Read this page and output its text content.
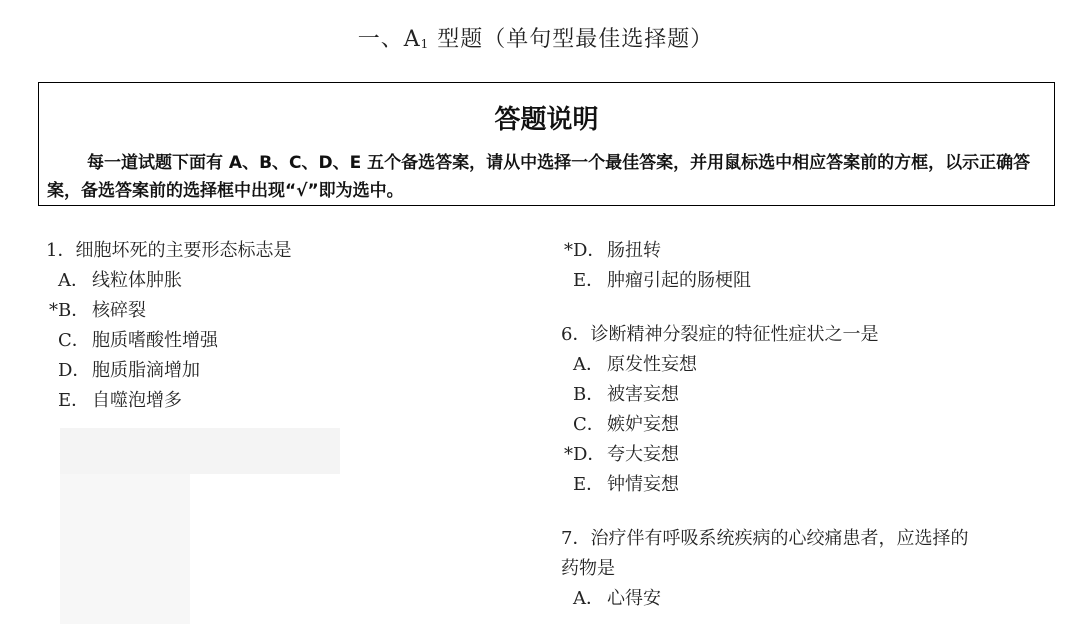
一、$A_1$ 型题（单句型最佳选择题）
答题说明
每一道试题下面有 A、B、C、D、E 五个备选答案，请从中选择一个最佳答案，并用鼠标选中相应答案前的方框，以示正确答案，备选答案前的选择框中出现“√”即为选中。
1．细胞坏死的主要形态标志是
A． 线粒体肿胀
*B． 核碎裂
C． 胞质嗜酸性增强
D．胞质脂滴增加
E． 自噬泡增多
*D．肠扭转
E． 肿瘤引起的肠梗阻
6．诊断精神分裂症的特征性症状之一是
A． 原发性妄想
B． 被害妄想
C． 嫉妒妄想
*D．夸大妄想
E． 钟情妄想
7．治疗伴有呼吸系统疾病的心绞痛患者，应选择的
药物是
A． 心得安
